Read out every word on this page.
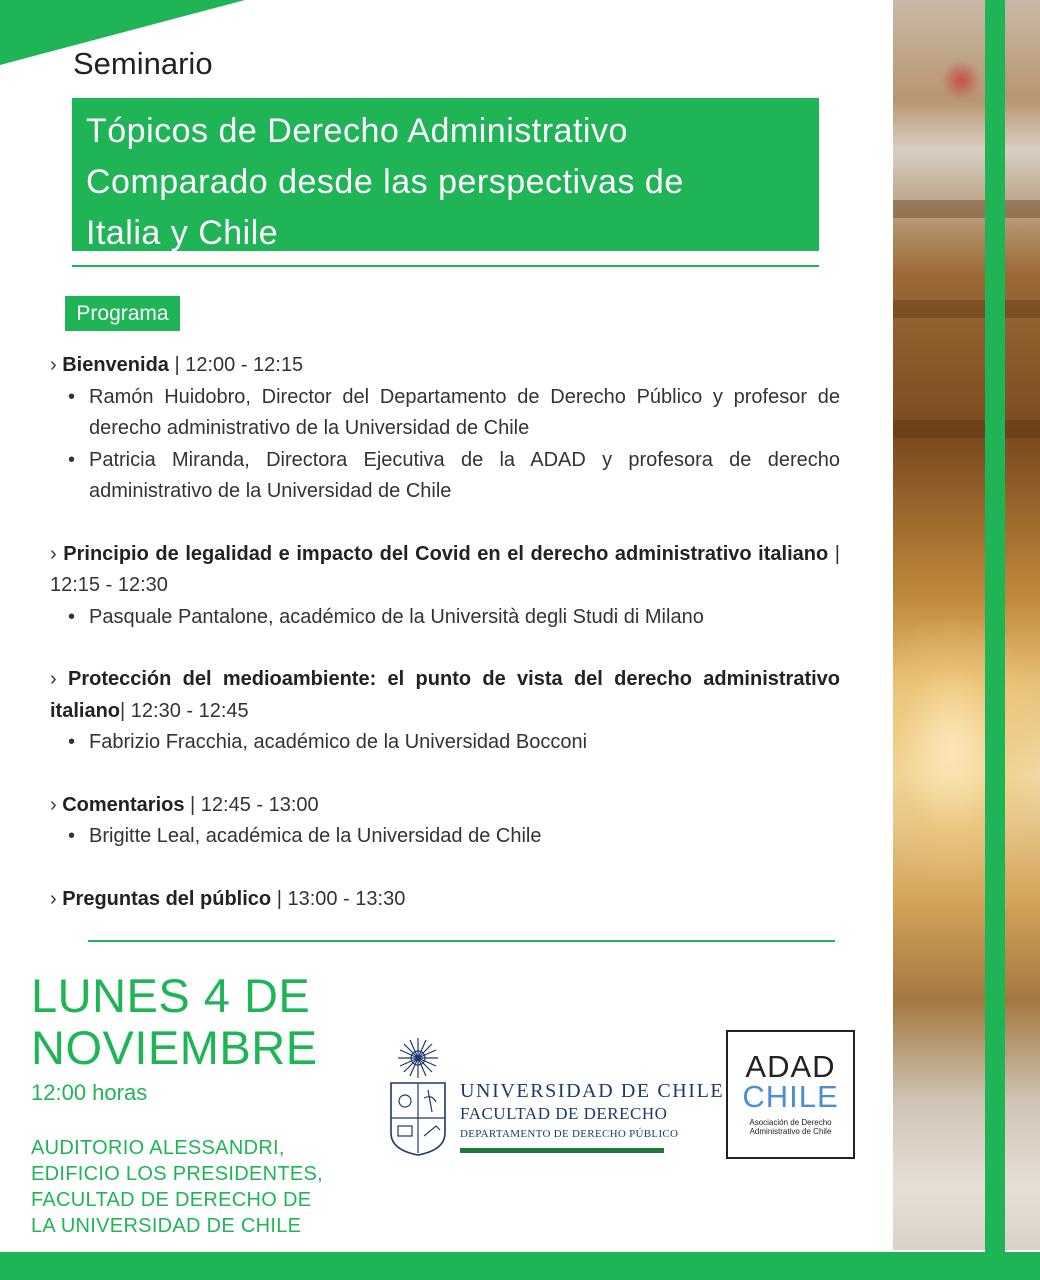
Seminario
Tópicos de Derecho Administrativo
Comparado desde las perspectivas de
Italia y Chile
Programa
› Bienvenida | 12:00 - 12:15
• Ramón Huidobro, Director del Departamento de Derecho Público y profesor de derecho administrativo de la Universidad de Chile
• Patricia Miranda, Directora Ejecutiva de la ADAD y profesora de derecho administrativo de la Universidad de Chile
› Principio de legalidad e impacto del Covid en el derecho administrativo italiano | 12:15 - 12:30
• Pasquale Pantalone, académico de la Università degli Studi di Milano
› Protección del medioambiente: el punto de vista del derecho administrativo italiano| 12:30 - 12:45
• Fabrizio Fracchia, académico de la Universidad Bocconi
› Comentarios | 12:45 - 13:00
• Brigitte Leal, académica de la Universidad de Chile
› Preguntas del público | 13:00 - 13:30
LUNES 4 DE
NOVIEMBRE
12:00 horas
AUDITORIO ALESSANDRI,
EDIFICIO LOS PRESIDENTES,
FACULTAD DE DERECHO DE
LA UNIVERSIDAD DE CHILE
UNIVERSIDAD DE CHILE
FACULTAD DE DERECHO
DEPARTAMENTO DE DERECHO PÚBLICO
ADAD
CHILE
Asociación de Derecho
Administrativo de Chile
